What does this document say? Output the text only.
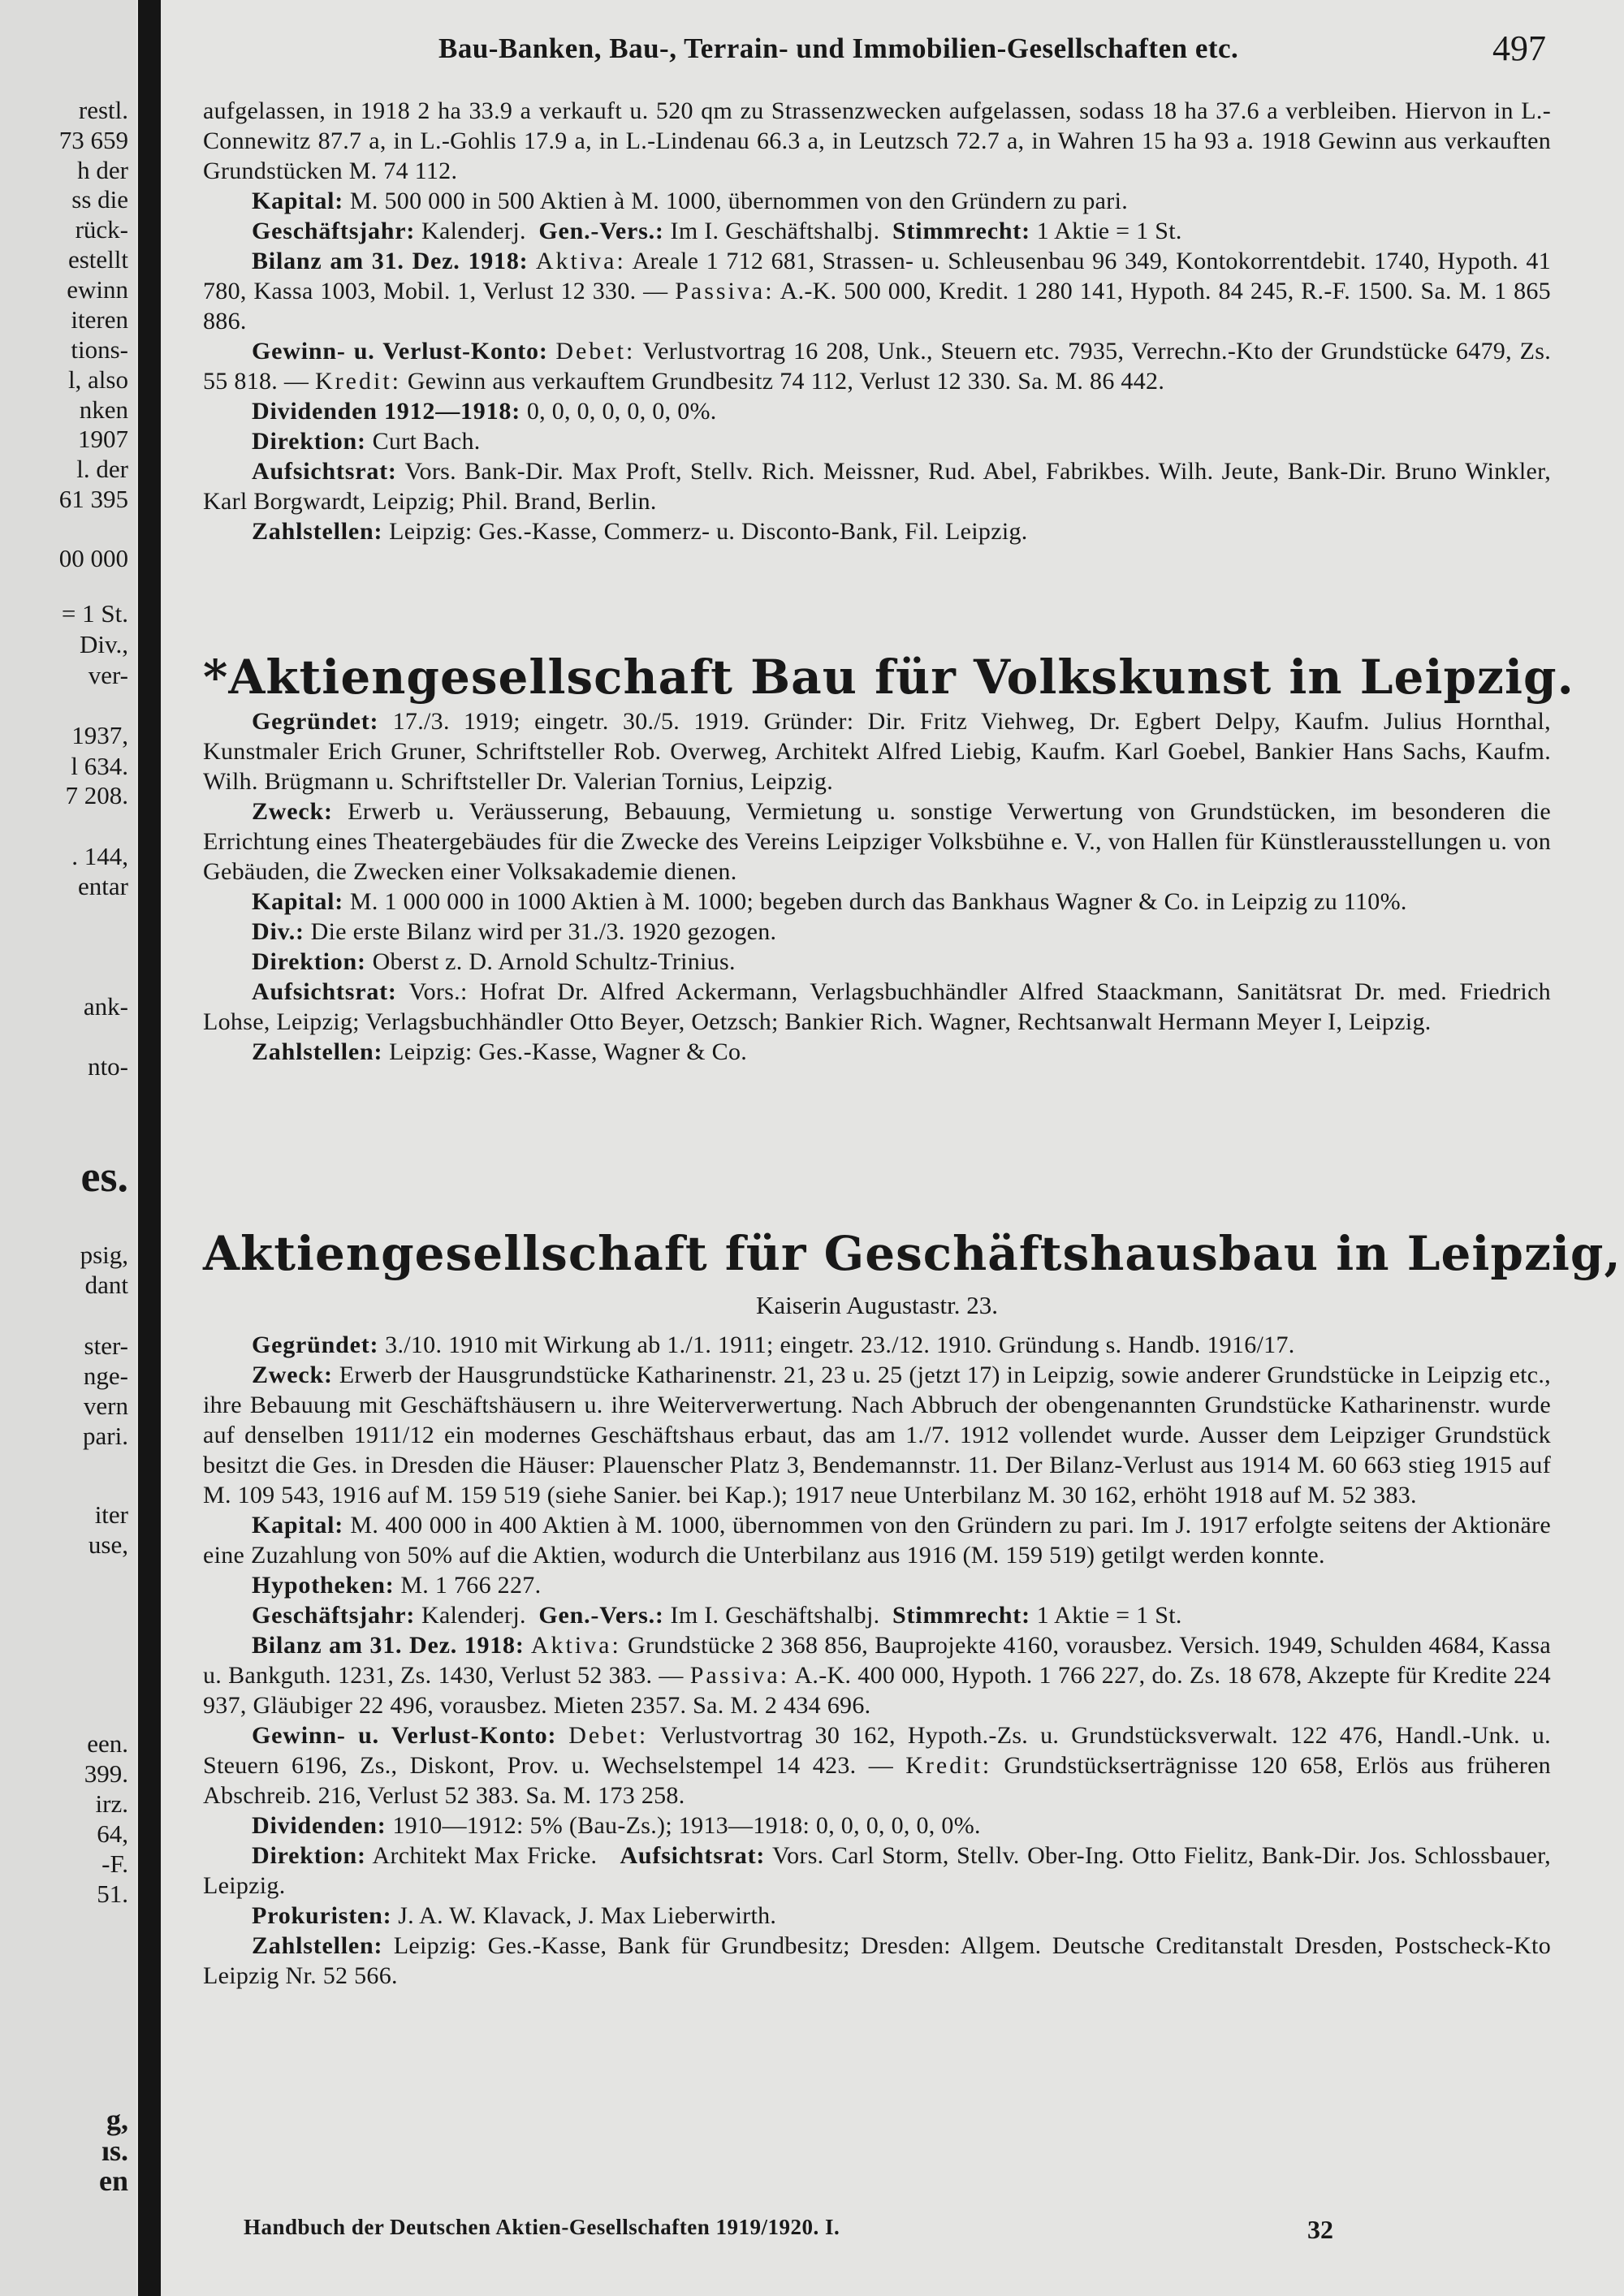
restl.
73 659
h der
ss die
rück-
estellt
ewinn
iteren
tions-
l, also
nken
1907
l. der
61 395
00 000
= 1 St.
Div.,
ver-
1937,
l 634.
7 208.
. 144,
entar
ank-
nto-
es.
psig,
dant
ster-
nge-
vern
pari.
iter
use,
een.
399.
irz.
64,
-F.
51.
g,
ıs.
en
Bau-Banken, Bau-, Terrain- und Immobilien-Gesellschaften etc.	497

aufgelassen, in 1918 2 ha 33.9 a verkauft u. 520 qm zu Strassenzwecken aufgelassen, sodass 18 ha 37.6 a verbleiben. Hiervon in L.-Connewitz 87.7 a, in L.-Gohlis 17.9 a, in L.-Lindenau 66.3 a, in Leutzsch 72.7 a, in Wahren 15 ha 93 a. 1918 Gewinn aus verkauften Grundstücken M. 74 112.

Kapital: M. 500 000 in 500 Aktien à M. 1000, übernommen von den Gründern zu pari.

Geschäftsjahr: Kalenderj. Gen.-Vers.: Im I. Geschäftshalbj. Stimmrecht: 1 Aktie = 1 St.

Bilanz am 31. Dez. 1918: Aktiva: Areale 1 712 681, Strassen- u. Schleusenbau 96 349, Kontokorrentdebit. 1740, Hypoth. 41 780, Kassa 1003, Mobil. 1, Verlust 12 330. — Passiva: A.-K. 500 000, Kredit. 1 280 141, Hypoth. 84 245, R.-F. 1500. Sa. M. 1 865 886.

Gewinn- u. Verlust-Konto: Debet: Verlustvortrag 16 208, Unk., Steuern etc. 7935, Verrechn.-Kto der Grundstücke 6479, Zs. 55 818. — Kredit: Gewinn aus verkauftem Grundbesitz 74 112, Verlust 12 330. Sa. M. 86 442.

Dividenden 1912—1918: 0, 0, 0, 0, 0, 0, 0%.

Direktion: Curt Bach.

Aufsichtsrat: Vors. Bank-Dir. Max Proft, Stellv. Rich. Meissner, Rud. Abel, Fabrikbes. Wilh. Jeute, Bank-Dir. Bruno Winkler, Karl Borgwardt, Leipzig; Phil. Brand, Berlin.

Zahlstellen: Leipzig: Ges.-Kasse, Commerz- u. Disconto-Bank, Fil. Leipzig.

*Aktiengesellschaft Bau für Volkskunst in Leipzig.

Gegründet: 17./3. 1919; eingetr. 30./5. 1919. Gründer: Dir. Fritz Viehweg, Dr. Egbert Delpy, Kaufm. Julius Hornthal, Kunstmaler Erich Gruner, Schriftsteller Rob. Overweg, Architekt Alfred Liebig, Kaufm. Karl Goebel, Bankier Hans Sachs, Kaufm. Wilh. Brügmann u. Schriftsteller Dr. Valerian Tornius, Leipzig.

Zweck: Erwerb u. Veräusserung, Bebauung, Vermietung u. sonstige Verwertung von Grundstücken, im besonderen die Errichtung eines Theatergebäudes für die Zwecke des Vereins Leipziger Volksbühne e. V., von Hallen für Künstlerausstellungen u. von Gebäuden, die Zwecken einer Volksakademie dienen.

Kapital: M. 1 000 000 in 1000 Aktien à M. 1000; begeben durch das Bankhaus Wagner & Co. in Leipzig zu 110%.

Div.: Die erste Bilanz wird per 31./3. 1920 gezogen.

Direktion: Oberst z. D. Arnold Schultz-Trinius.

Aufsichtsrat: Vors.: Hofrat Dr. Alfred Ackermann, Verlagsbuchhändler Alfred Staackmann, Sanitätsrat Dr. med. Friedrich Lohse, Leipzig; Verlagsbuchhändler Otto Beyer, Oetzsch; Bankier Rich. Wagner, Rechtsanwalt Hermann Meyer I, Leipzig.

Zahlstellen: Leipzig: Ges.-Kasse, Wagner & Co.

Aktiengesellschaft für Geschäftshausbau in Leipzig,
Kaiserin Augustastr. 23.

Gegründet: 3./10. 1910 mit Wirkung ab 1./1. 1911; eingetr. 23./12. 1910. Gründung s. Handb. 1916/17.

Zweck: Erwerb der Hausgrundstücke Katharinenstr. 21, 23 u. 25 (jetzt 17) in Leipzig, sowie anderer Grundstücke in Leipzig etc., ihre Bebauung mit Geschäftshäusern u. ihre Weiterverwertung. Nach Abbruch der obengenannten Grundstücke Katharinenstr. wurde auf denselben 1911/12 ein modernes Geschäftshaus erbaut, das am 1./7. 1912 vollendet wurde. Ausser dem Leipziger Grundstück besitzt die Ges. in Dresden die Häuser: Plauenscher Platz 3, Bendemannstr. 11. Der Bilanz-Verlust aus 1914 M. 60 663 stieg 1915 auf M. 109 543, 1916 auf M. 159 519 (siehe Sanier. bei Kap.); 1917 neue Unterbilanz M. 30 162, erhöht 1918 auf M. 52 383.

Kapital: M. 400 000 in 400 Aktien à M. 1000, übernommen von den Gründern zu pari. Im J. 1917 erfolgte seitens der Aktionäre eine Zuzahlung von 50% auf die Aktien, wodurch die Unterbilanz aus 1916 (M. 159 519) getilgt werden konnte.

Hypotheken: M. 1 766 227.

Geschäftsjahr: Kalenderj. Gen.-Vers.: Im I. Geschäftshalbj. Stimmrecht: 1 Aktie = 1 St.

Bilanz am 31. Dez. 1918: Aktiva: Grundstücke 2 368 856, Bauprojekte 4160, vorausbez. Versich. 1949, Schulden 4684, Kassa u. Bankguth. 1231, Zs. 1430, Verlust 52 383. — Passiva: A.-K. 400 000, Hypoth. 1 766 227, do. Zs. 18 678, Akzepte für Kredite 224 937, Gläubiger 22 496, vorausbez. Mieten 2357. Sa. M. 2 434 696.

Gewinn- u. Verlust-Konto: Debet: Verlustvortrag 30 162, Hypoth.-Zs. u. Grundstücksverwalt. 122 476, Handl.-Unk. u. Steuern 6196, Zs., Diskont, Prov. u. Wechselstempel 14 423. — Kredit: Grundstückserträgnisse 120 658, Erlös aus früheren Abschreib. 216, Verlust 52 383. Sa. M. 173 258.

Dividenden: 1910—1912: 5% (Bau-Zs.); 1913—1918: 0, 0, 0, 0, 0, 0%.

Direktion: Architekt Max Fricke. Aufsichtsrat: Vors. Carl Storm, Stellv. Ober-Ing. Otto Fielitz, Bank-Dir. Jos. Schlossbauer, Leipzig.

Prokuristen: J. A. W. Klavack, J. Max Lieberwirth.

Zahlstellen: Leipzig: Ges.-Kasse, Bank für Grundbesitz; Dresden: Allgem. Deutsche Creditanstalt Dresden, Postscheck-Kto Leipzig Nr. 52 566.

Handbuch der Deutschen Aktien-Gesellschaften 1919/1920. I.	32
